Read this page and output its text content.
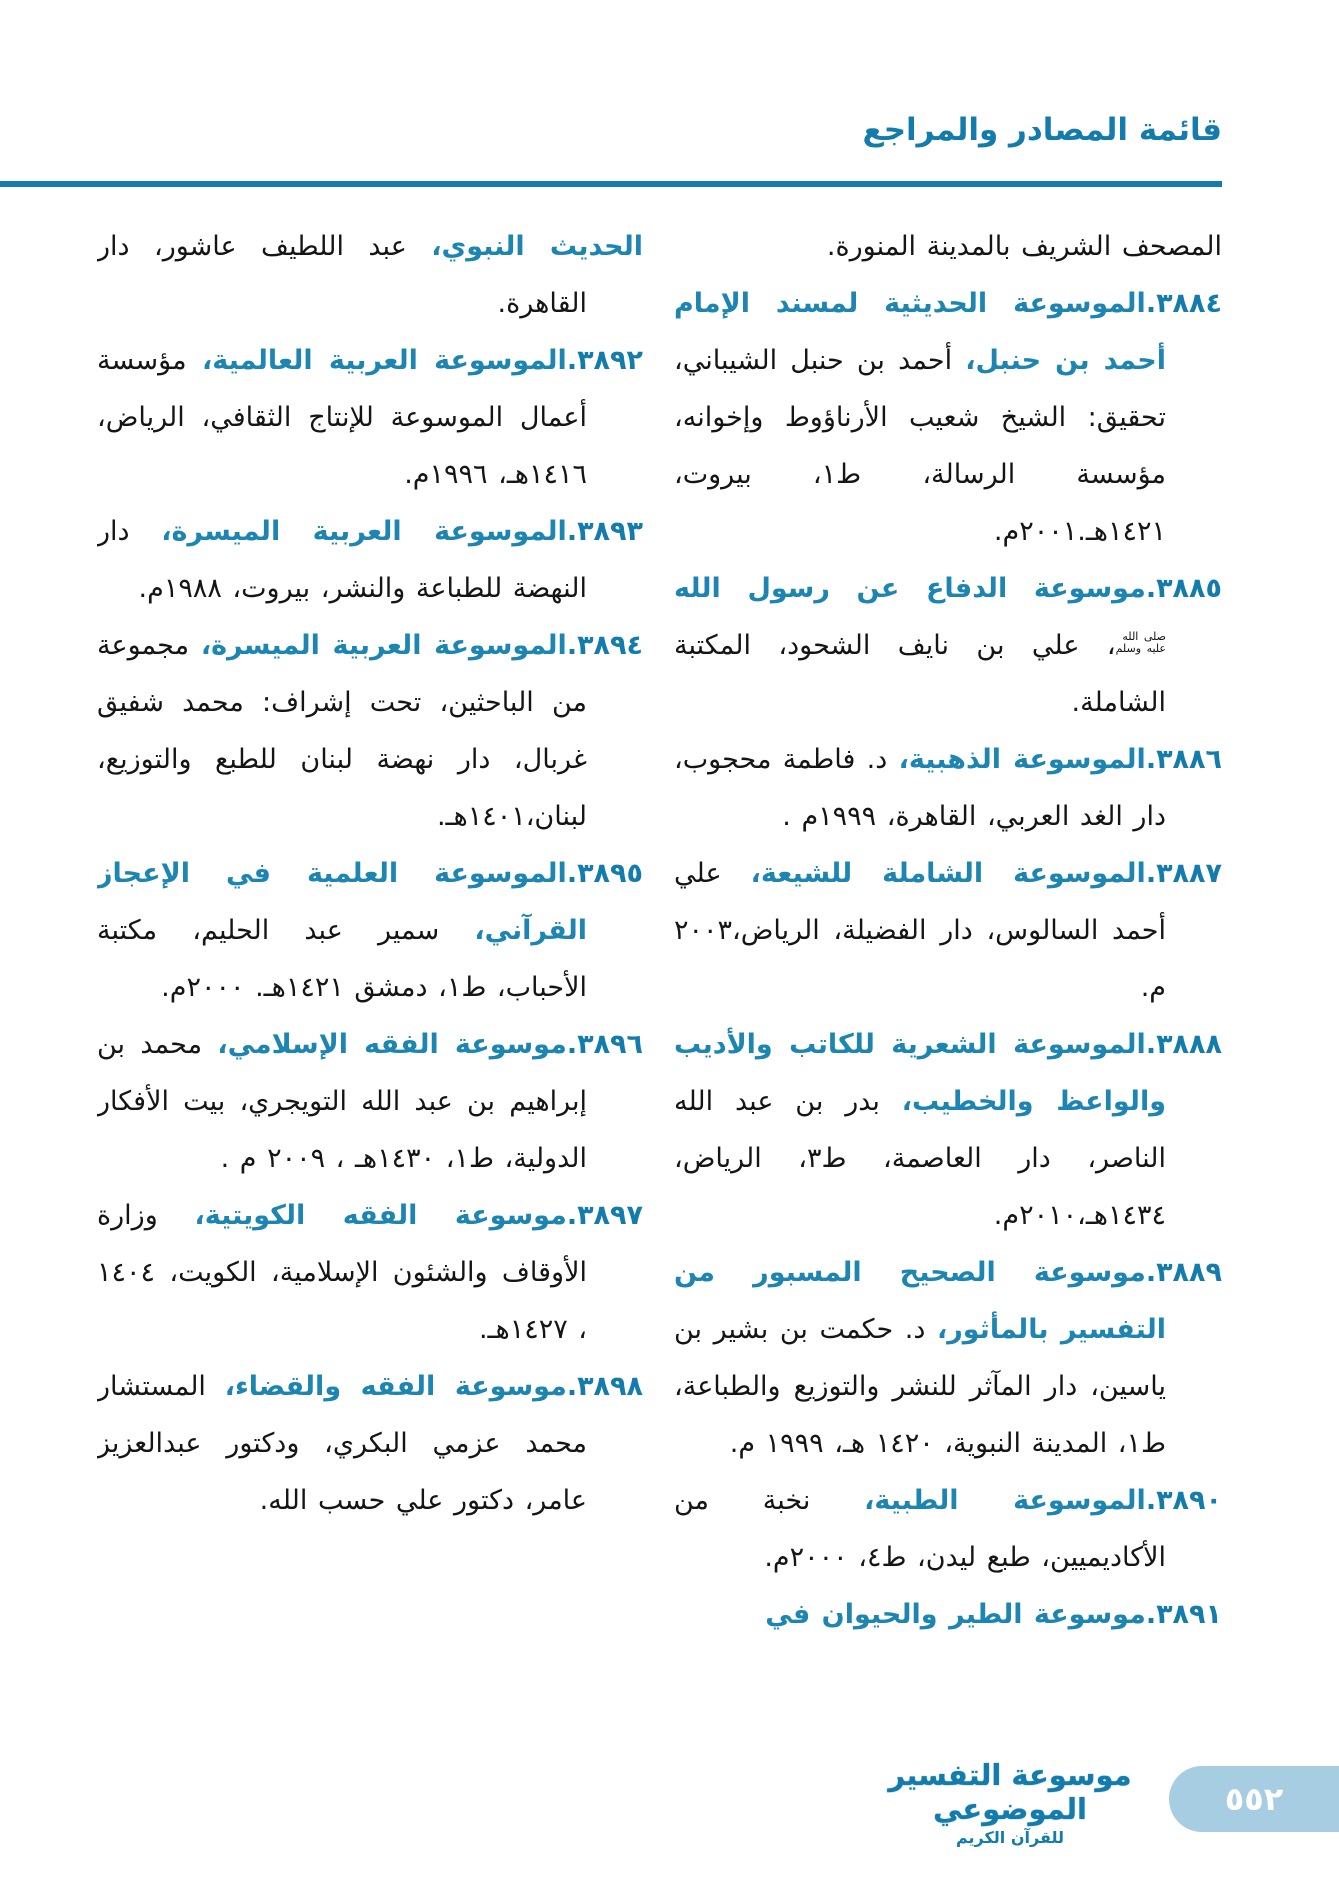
قائمة المصادر والمراجع

المصحف الشريف بالمدينة المنورة.

٣٨٨٤.الموسوعة الحديثية لمسند الإمام أحمد بن حنبل، أحمد بن حنبل الشيباني، تحقيق: الشيخ شعيب الأرناؤوط وإخوانه، مؤسسة الرسالة، ط١، بيروت، ١٤٢١هـ.٢٠٠١م.

٣٨٨٥.موسوعة الدفاع عن رسول الله صلى الله
عليه وسلم، علي بن نايف الشحود، المكتبة الشاملة.

٣٨٨٦.الموسوعة الذهبية، د. فاطمة محجوب، دار الغد العربي، القاهرة، ١٩٩٩م .

٣٨٨٧.الموسوعة الشاملة للشيعة، علي أحمد السالوس، دار الفضيلة، الرياض،٢٠٠٣ م.

٣٨٨٨.الموسوعة الشعرية للكاتب والأديب والواعظ والخطيب، بدر بن عبد الله الناصر، دار العاصمة، ط٣، الرياض، ١٤٣٤هـ،٢٠١٠م.

٣٨٨٩.موسوعة الصحيح المسبور من التفسير بالمأثور، د. حكمت بن بشير بن ياسين، دار المآثر للنشر والتوزيع والطباعة، ط١، المدينة النبوية، ١٤٢٠ هـ، ١٩٩٩ م.

٣٨٩٠.الموسوعة الطبية، نخبة من الأكاديميين، طبع ليدن، ط٤، ٢٠٠٠م.

٣٨٩١.موسوعة الطير والحيوان في

الحديث النبوي، عبد اللطيف عاشور، دار القاهرة.

٣٨٩٢.الموسوعة العربية العالمية، مؤسسة أعمال الموسوعة للإنتاج الثقافي، الرياض، ١٤١٦هـ، ١٩٩٦م.

٣٨٩٣.الموسوعة العربية الميسرة، دار النهضة للطباعة والنشر، بيروت، ١٩٨٨م.

٣٨٩٤.الموسوعة العربية الميسرة، مجموعة من الباحثين، تحت إشراف: محمد شفيق غربال، دار نهضة لبنان للطبع والتوزيع، لبنان،١٤٠١هـ.

٣٨٩٥.الموسوعة العلمية في الإعجاز القرآني، سمير عبد الحليم، مكتبة الأحباب، ط١، دمشق ١٤٢١هـ. ٢٠٠٠م.

٣٨٩٦.موسوعة الفقه الإسلامي، محمد بن إبراهيم بن عبد الله التويجري، بيت الأفكار الدولية، ط١، ١٤٣٠هـ ، ٢٠٠٩ م .

٣٨٩٧.موسوعة الفقه الكويتية، وزارة الأوقاف والشئون الإسلامية، الكويت، ١٤٠٤ ، ١٤٢٧هـ.

٣٨٩٨.موسوعة الفقه والقضاء، المستشار محمد عزمي البكري، ودكتور عبدالعزيز عامر، دكتور علي حسب الله.

موسوعة التفسير الموضوعي
للقرآن الكريم
٥٥٢
